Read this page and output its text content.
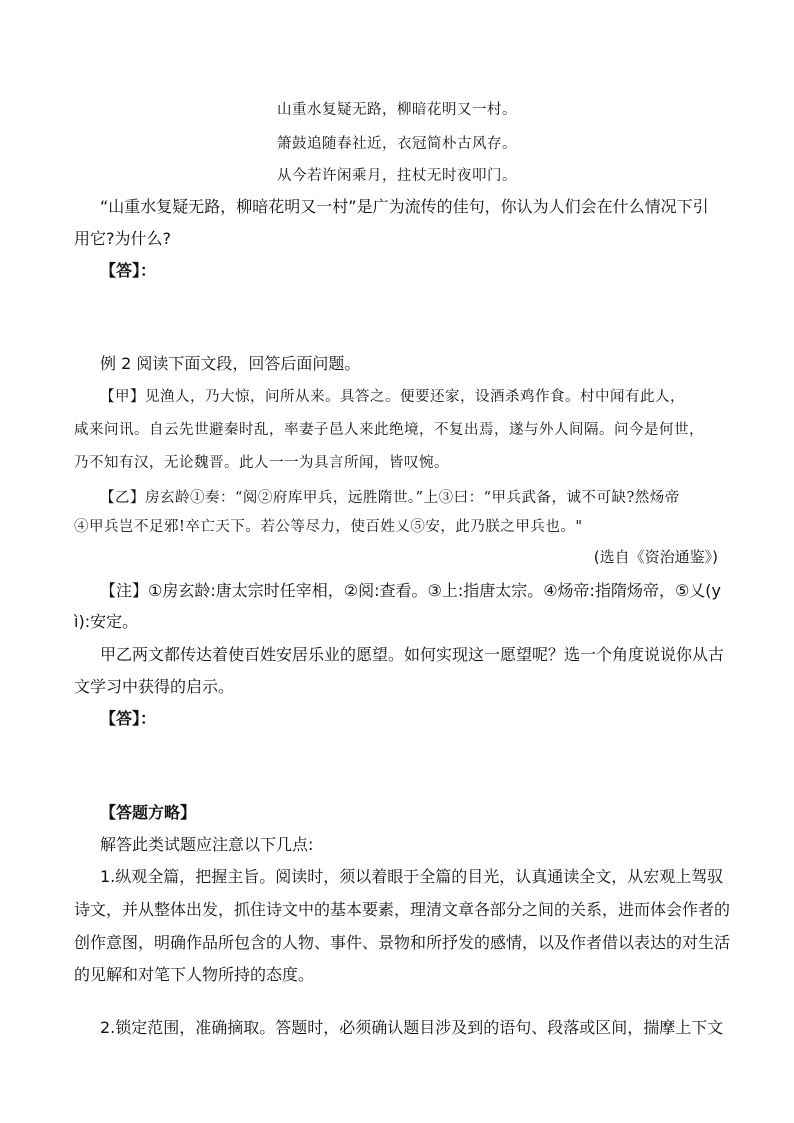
山重水复疑无路，柳暗花明又一村。
箫鼓追随春社近，衣冠简朴古风存。
从今若许闲乘月，拄杖无时夜叩门。
“山重水复疑无路，柳暗花明又一村”是广为流传的佳句，你认为人们会在什么情况下引
用它?为什么?
【答】：
例 2 阅读下面文段，回答后面问题。
【甲】见渔人，乃大惊，问所从来。具答之。便要还家，设酒杀鸡作食。村中闻有此人，
咸来问讯。自云先世避秦时乱，率妻子邑人来此绝境，不复出焉，遂与外人间隔。问今是何世，
乃不知有汉，无论魏晋。此人一一为具言所闻，皆叹惋。
【乙】房玄龄①奏：“阅②府库甲兵，远胜隋世。”上③曰：“甲兵武备，诚不可缺?然炀帝
④甲兵岂不足邪!卒亡天下。若公等尽力，使百姓乂⑤安，此乃朕之甲兵也。"
(选自《资治通鉴》)
【注】①房玄龄:唐太宗时任宰相，②阅:查看。③上:指唐太宗。④炀帝:指隋炀帝，⑤乂(y
ì):安定。
甲乙两文都传达着使百姓安居乐业的愿望。如何实现这一愿望呢？选一个角度说说你从古
文学习中获得的启示。
【答】：
【答题方略】
解答此类试题应注意以下几点:
1.纵观全篇，把握主旨。阅读时，须以着眼于全篇的目光，认真通读全文，从宏观上驾驭
诗文，并从整体出发，抓住诗文中的基本要素，理清文章各部分之间的关系，进而体会作者的
创作意图，明确作品所包含的人物、事件、景物和所抒发的感情，以及作者借以表达的对生活
的见解和对笔下人物所持的态度。
2.锁定范围，准确摘取。答题时，必须确认题目涉及到的语句、段落或区间，揣摩上下文
